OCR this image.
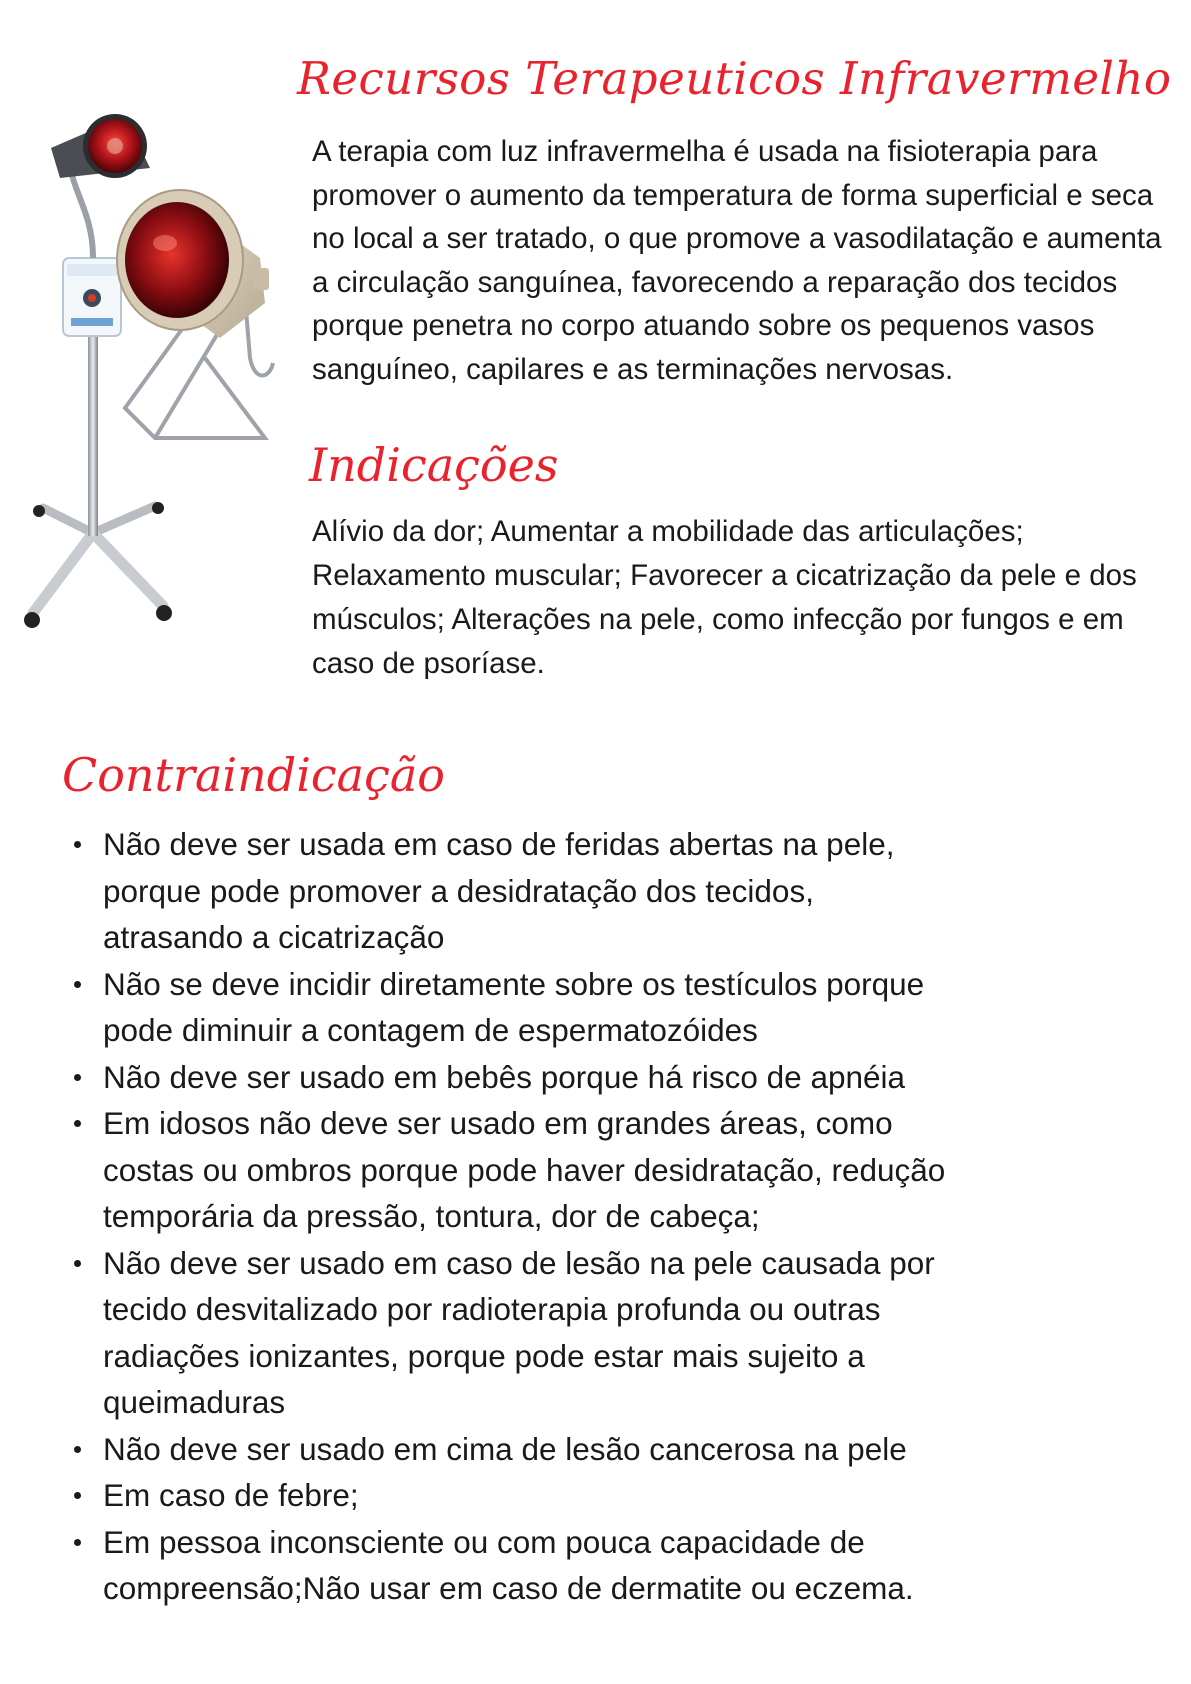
Recursos Terapeuticos Infravermelho

A terapia com luz infravermelha é usada na fisioterapia para promover o aumento da temperatura de forma superficial e seca no local a ser tratado, o que promove a vasodilatação e aumenta a circulação sanguínea, favorecendo a reparação dos tecidos porque penetra no corpo atuando sobre os pequenos vasos sanguíneo, capilares e as terminações nervosas.

Indicações

Alívio da dor; Aumentar a mobilidade das articulações; Relaxamento muscular; Favorecer a cicatrização da pele e dos músculos; Alterações na pele, como infecção por fungos e em caso de psoríase.

Contraindicação
Não deve ser usada em caso de feridas abertas na pele, porque pode promover a desidratação dos tecidos, atrasando a cicatrização
Não se deve incidir diretamente sobre os testículos porque pode diminuir a contagem de espermatozóides
Não deve ser usado em bebês porque há risco de apnéia
Em idosos não deve ser usado em grandes áreas, como costas ou ombros porque pode haver desidratação, redução temporária da pressão, tontura, dor de cabeça;
Não deve ser usado em caso de lesão na pele causada por tecido desvitalizado por radioterapia profunda ou outras radiações ionizantes, porque pode estar mais sujeito a queimaduras
Não deve ser usado em cima de lesão cancerosa na pele
Em caso de febre;
Em pessoa inconsciente ou com pouca capacidade de compreensão;Não usar em caso de dermatite ou eczema.
